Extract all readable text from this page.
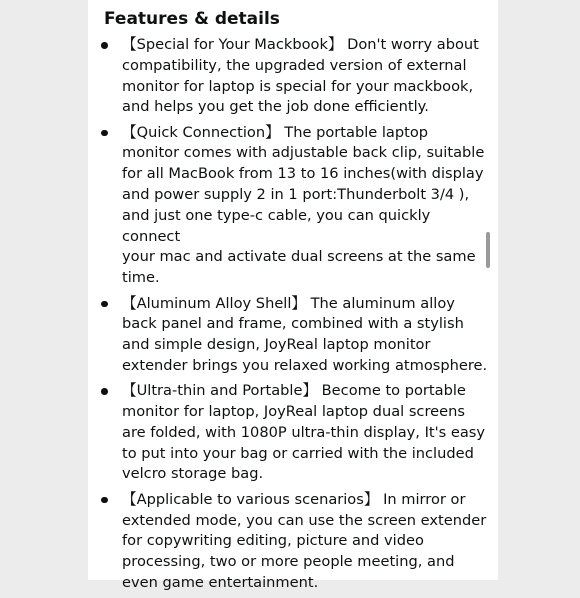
Features & details
【Special for Your Mackbook】 Don't worry about
compatibility, the upgraded version of external
monitor for laptop is special for your mackbook,
and helps you get the job done efficiently.
【Quick Connection】 The portable laptop
monitor comes with adjustable back clip, suitable
for all MacBook from 13 to 16 inches(with display
and power supply 2 in 1 port:Thunderbolt 3/4 ),
and just one type-c cable, you can quickly connect
your mac and activate dual screens at the same
time.
【Aluminum Alloy Shell】 The aluminum alloy
back panel and frame, combined with a stylish
and simple design, JoyReal laptop monitor
extender brings you relaxed working atmosphere.
【Ultra-thin and Portable】 Become to portable
monitor for laptop, JoyReal laptop dual screens
are folded, with 1080P ultra-thin display, It's easy
to put into your bag or carried with the included
velcro storage bag.
【Applicable to various scenarios】 In mirror or
extended mode, you can use the screen extender
for copywriting editing, picture and video
processing, two or more people meeting, and
even game entertainment.
